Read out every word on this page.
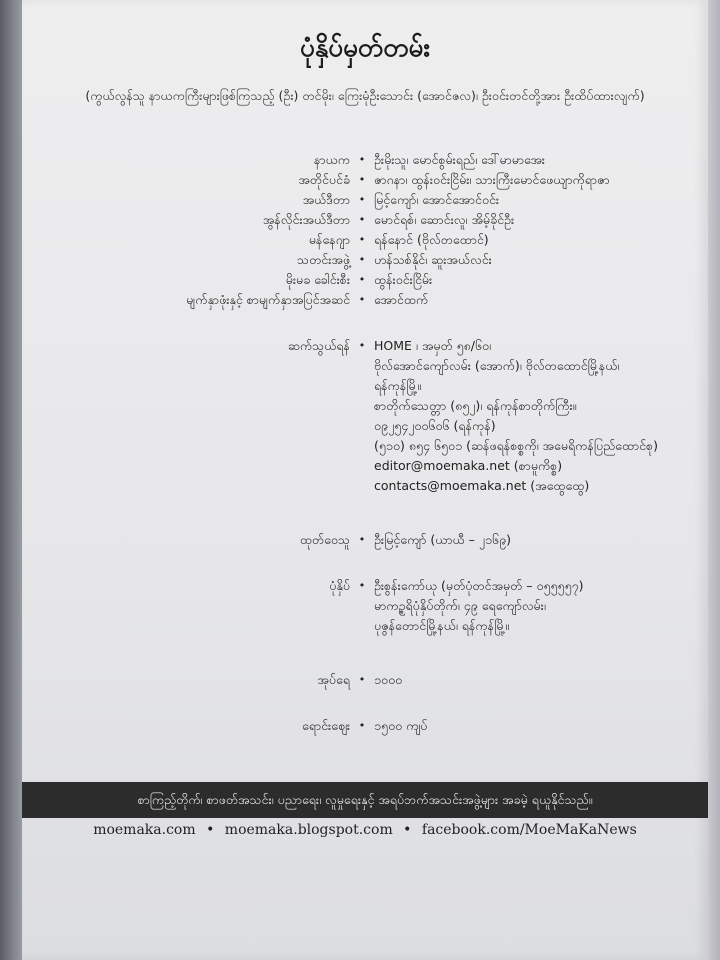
ပုံနှိပ်မှတ်တမ်း
(ကွယ်လွန်သူ နာယကကြီးများဖြစ်ကြသည့် (ဦး) တင်မိုး၊ ကြေးမုံဦးသောင်း (အောင်ဇလ)၊ ဦးဝင်းတင်တို့အား ဦးထိပ်ထားလျက်)
နာယက • ဦးမိုးသူ၊ မောင်စွမ်းရည်၊ ဒေါ်မာမာအေး
အတိုင်ပင်ခံ • ဇာဂနာ၊ ထွန်းဝင်းငြိမ်း၊ သားကြီးမောင်ဖေယျာကိုရာဇာ
အယ်ဒီတာ • မြင့်ကျော်၊ အောင်အောင်ဝင်း
အွန်လိုင်းအယ်ဒီတာ • မောင်ရစ်၊ ဆောင်းလူ၊ အိမ့်ခိုင်ဦး
မန်နေဂျာ • ရန်နောင် (ဗိုလ်တထောင်)
သတင်းအဖွဲ့ • ဟန်သစ်နိုင်၊ ဆူးအယ်လင်း
မိုးမခ ခေါင်းစီး • ထွန်းဝင်းငြိမ်း
မျက်နှာဖုံးနှင့် စာမျက်နှာအပြင်အဆင် • အောင်ထက်
ဆက်သွယ်ရန် • HOME ၊ အမှတ် ၅၈/၆၀၊
ဗိုလ်အောင်ကျော်လမ်း (အောက်)၊ ဗိုလ်တထောင်မြို့နယ်၊
ရန်ကုန်မြို့။
စာတိုက်သေတ္တာ (၈၅၂)၊ ရန်ကုန်စာတိုက်ကြီး။
၀၉၂၅၄၂၀၀၆၀၆ (ရန်ကုန်)
(၅၁၀) ၈၅၄ ၆၅၀၁ (ဆန်ဖရန်စစ္စကို၊ အမေရိကန်ပြည်ထောင်စု)
editor@moemaka.net (စာမူကိစ္စ)
contacts@moemaka.net (အထွေထွေ)
ထုတ်ဝေသူ • ဦးမြင့်ကျော် (ယာယီ – ၂၁၆၉)
ပုံနှိပ် • ဦးစွန်းကော်ယု (မှတ်ပုံတင်အမှတ် – ၀၅၅၅၅၇)
မာကဥ္စရိပုံနှိပ်တိုက်၊ ၄၉ ရေကျော်လမ်း၊
ပုဇွန်တောင်မြို့နယ်၊ ရန်ကုန်မြို့။
အုပ်ရေ • ၁၀၀၀
ရောင်းဈေး • ၁၅၀၀ ကျပ်
စာကြည့်တိုက်၊ စာဖတ်အသင်း၊ ပညာရေး၊ လူမှုရေးနှင့် အရပ်ဘက်အသင်းအဖွဲ့များ အခမဲ့ ရယူနိုင်သည်။
moemaka.com • moemaka.blogspot.com • facebook.com/MoeMaKaNews
